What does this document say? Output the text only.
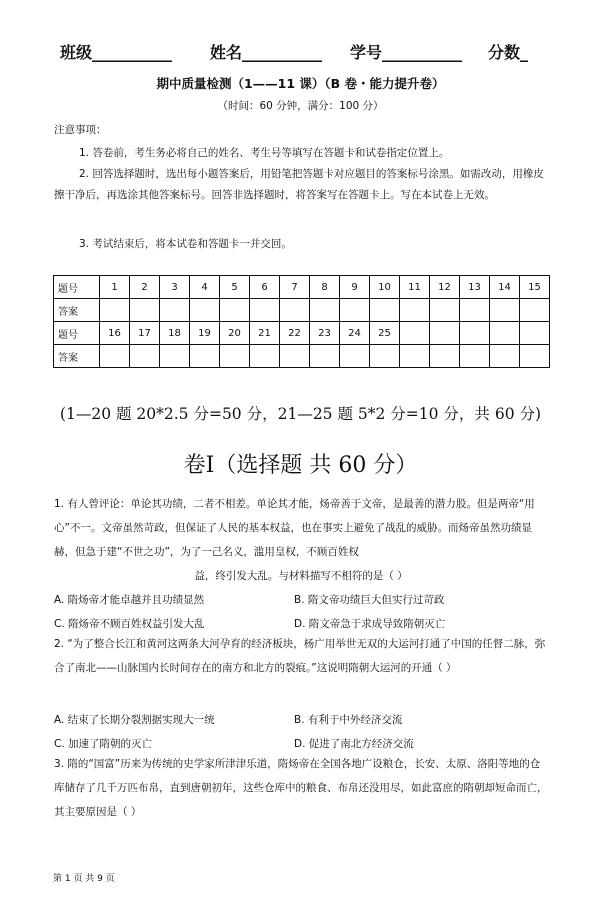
班级__________ 姓名__________ 学号__________ 分数_
期中质量检测（1——11 课）（B 卷・能力提升卷）
（时间：60 分钟，满分：100 分）
注意事项：
1. 答卷前，考生务必将自己的姓名、考生号等填写在答题卡和试卷指定位置上。
2. 回答选择题时，选出每小题答案后，用铅笔把答题卡对应题目的答案标号涂黑。如需改动，用橡皮擦干净后，再选涂其他答案标号。回答非选择题时，将答案写在答题卡上。写在本试卷上无效。
3. 考试结束后，将本试卷和答题卡一并交回。
题号	1	2	3	4	5	6	7	8	9	10	11	12	13	14	15
答案															
题号	16	17	18	19	20	21	22	23	24	25					
答案															
(1—20 题 20*2.5 分=50 分，21—25 题 5*2 分=10 分，共 60 分)
卷Ⅰ（选择题 共 60 分）
1. 有人曾评论：单论其功绩，二者不相差。单论其才能，炀帝善于文帝，是最善的潜力股。但是两帝“用心”不一。文帝虽然苛政，但保证了人民的基本权益，也在事实上避免了战乱的威胁。而炀帝虽然功绩显赫，但急于建“不世之功”，为了一己名义，滥用皇权，不顾百姓权
益，终引发大乱。与材料描写不相符的是（ ）
A. 隋炀帝才能卓越并且功绩显然	B. 隋文帝功绩巨大但实行过苛政
C. 隋炀帝不顾百姓权益引发大乱	D. 隋文帝急于求成导致隋朝灭亡
2. “为了整合长江和黄河这两条大河孕育的经济板块，杨广用举世无双的大运河打通了中国的任督二脉，弥合了南北——山脉国内长时间存在的南方和北方的裂痕。”这说明隋朝大运河的开通（ ）
A. 结束了长期分裂割据实现大一统	B. 有利于中外经济交流
C. 加速了隋朝的灭亡	D. 促进了南北方经济交流
3. 隋的“国富”历来为传统的史学家所津津乐道，隋炀帝在全国各地广设粮仓，长安、太原、洛阳等地的仓库储存了几千万匹布帛，直到唐朝初年，这些仓库中的粮食、布帛还没用尽，如此富庶的隋朝却短命而亡，其主要原因是（ ）
第 1 页 共 9 页
